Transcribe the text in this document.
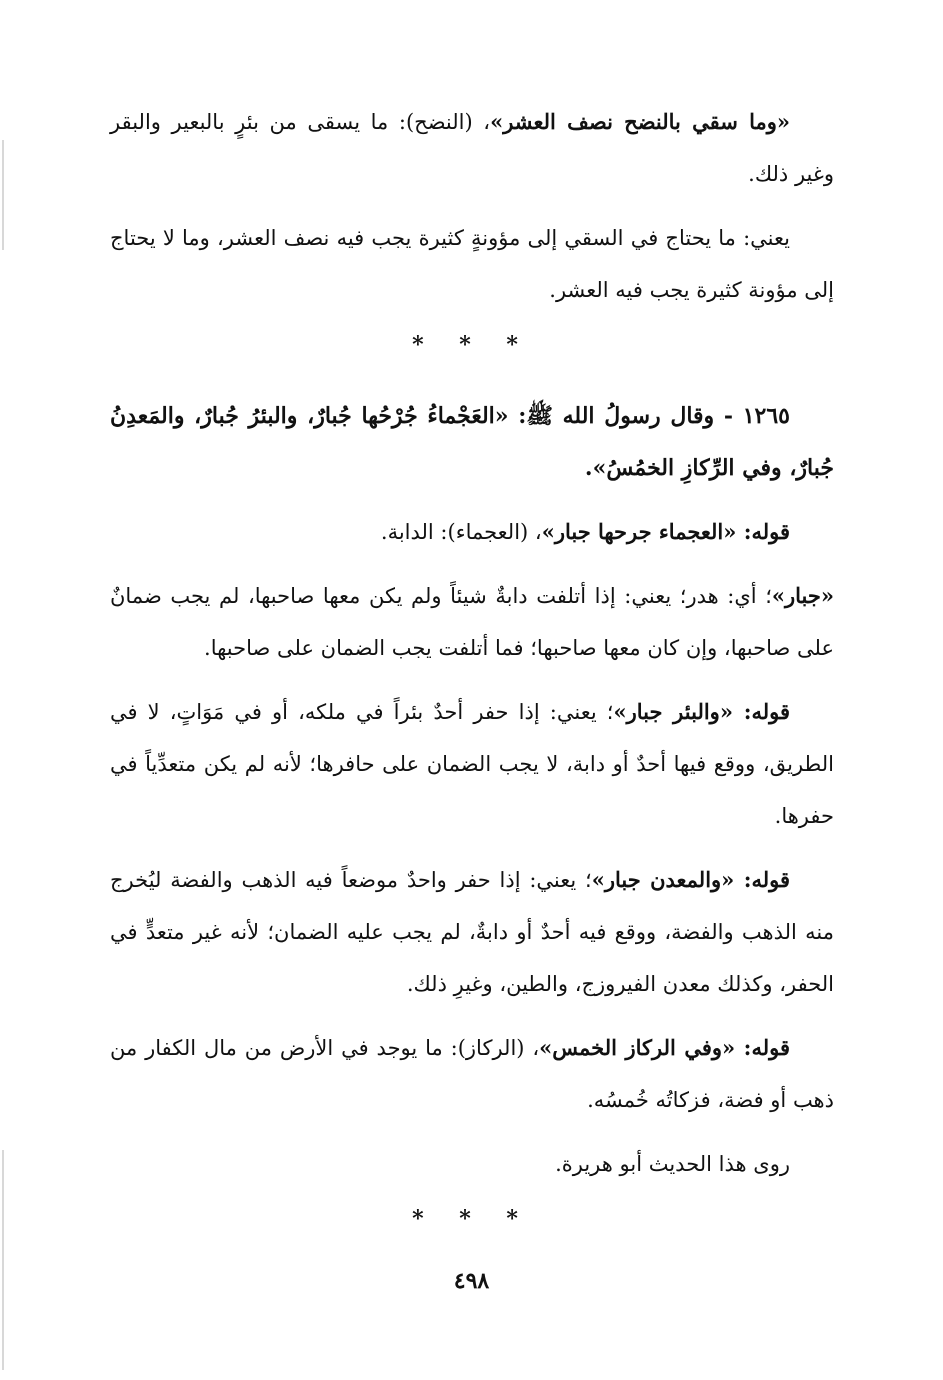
«وما سقي بالنضح نصف العشر»، (النضح): ما يسقى من بئرٍ بالبعير والبقر وغير ذلك.

يعني: ما يحتاج في السقي إلى مؤونةٍ كثيرة يجب فيه نصف العشر، وما لا يحتاج إلى مؤونة كثيرة يجب فيه العشر.

* * *

١٢٦٥ - وقال رسولُ الله ﷺ: «العَجْماءُ جُرْحُها جُبارٌ، والبئرُ جُبارٌ، والمَعدِنُ جُبارٌ، وفي الرِّكازِ الخمُسُ».

قوله: «العجماء جرحها جبار»، (العجماء): الدابة.

«جبار»؛ أي: هدر؛ يعني: إذا أتلفت دابةٌ شيئاً ولم يكن معها صاحبها، لم يجب ضمانٌ على صاحبها، وإن كان معها صاحبها؛ فما أتلفت يجب الضمان على صاحبها.

قوله: «والبئر جبار»؛ يعني: إذا حفر أحدٌ بئراً في ملكه، أو في مَوَاتٍ، لا في الطريق، ووقع فيها أحدٌ أو دابة، لا يجب الضمان على حافرها؛ لأنه لم يكن متعدِّياً في حفرها.

قوله: «والمعدن جبار»؛ يعني: إذا حفر واحدٌ موضعاً فيه الذهب والفضة ليُخرج منه الذهب والفضة، ووقع فيه أحدٌ أو دابةٌ، لم يجب عليه الضمان؛ لأنه غير متعدٍّ في الحفر، وكذلك معدن الفيروزج، والطين، وغيرِ ذلك.

قوله: «وفي الركاز الخمس»، (الركاز): ما يوجد في الأرض من مال الكفار من ذهب أو فضة، فزكاتُه خُمسُه.

روى هذا الحديث أبو هريرة.

* * *
٤٩٨
